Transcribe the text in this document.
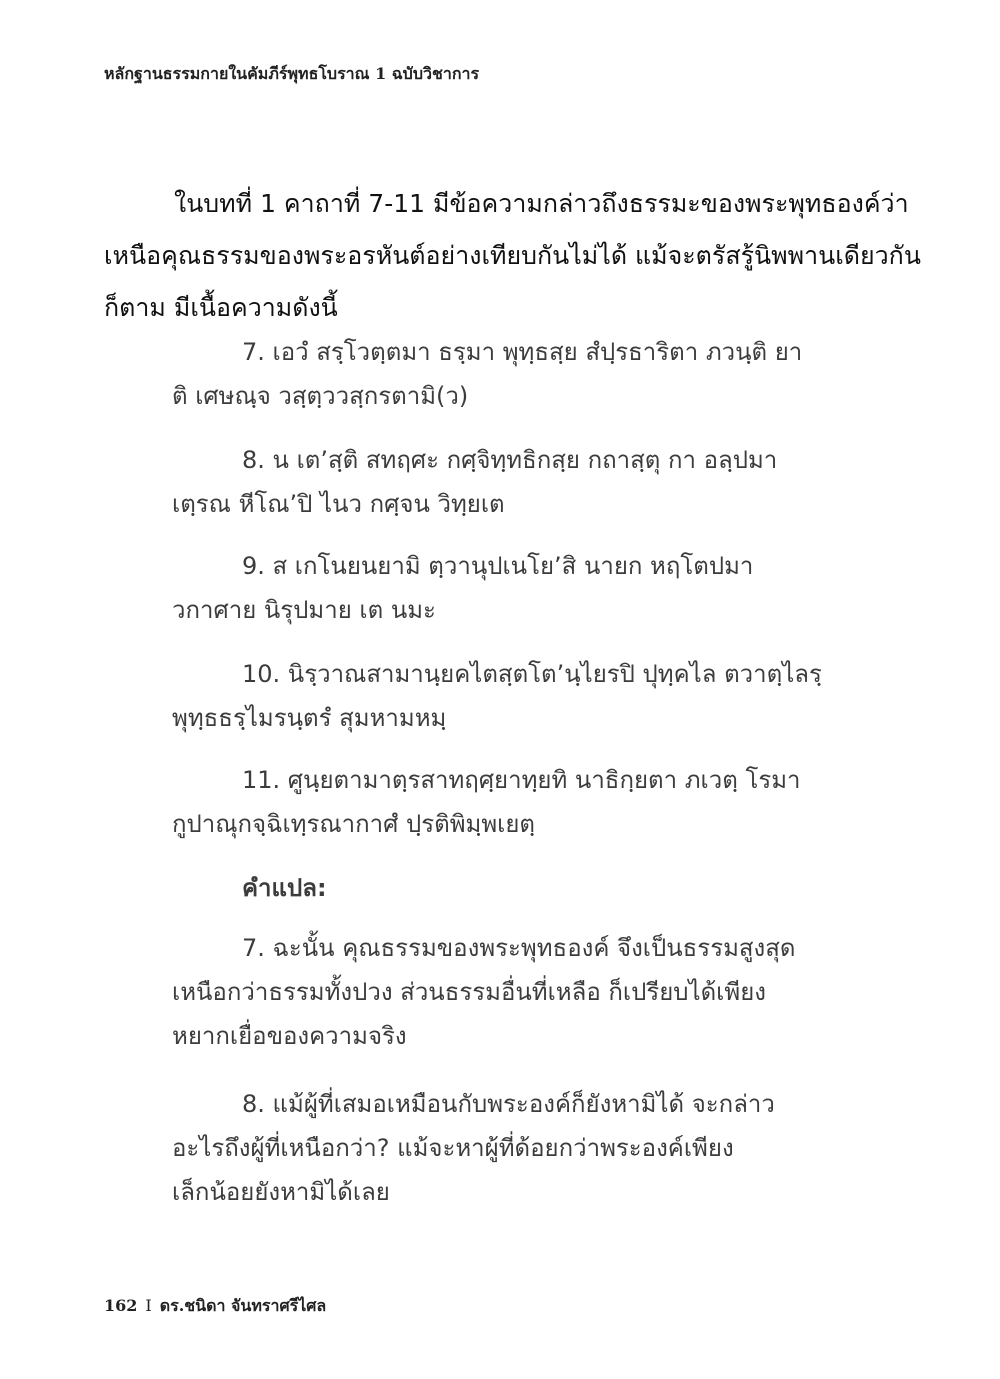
หลักฐานธรรมกายในคัมภีร์พุทธโบราณ 1 ฉบับวิชาการ
ในบทที่ 1 คาถาที่ 7-11 มีข้อความกล่าวถึงธรรมะของพระพุทธองค์ว่า
เหนือคุณธรรมของพระอรหันต์อย่างเทียบกันไม่ได้ แม้จะตรัสรู้นิพพานเดียวกัน
ก็ตาม มีเนื้อความดังนี้
7. เอวํ สรฺโวตฺตมา ธรฺมา พุทฺธสฺย สํปฺรธาริตา ภวนฺติ ยา
ติ เศษณฺจ วสฺตฺววสฺกรตามิ(ว)
8. น เต’สฺติ สทฤศะ กศฺจิทฺทธิกสฺย กถาสฺตุ กา อลฺปมา
เตฺรณ หีโณ’ปิ ไนว กศฺจน วิทฺยเต
9. ส เกโนยนยามิ ตฺวานุปเนโย’สิ นายก หฤโตปมา
วกาศาย นิรุปมาย เต นมะ
10. นิรฺวาณสามานฺยคไตสฺตโต’นฺไยรปิ ปุทฺคไล ตวาตฺไลรฺ
พุทฺธธรฺไมรนฺตรํ สุมหามหมฺ
11. ศูนฺยตามาตฺรสาทฤศฺยาทฺยทิ นาธิกฺยตา ภเวตฺ โรมา
กูปาณุกจฺฉิเทฺรณากาศํ ปฺรติพิมฺพเยตฺ
คำแปล:
7. ฉะนั้น คุณธรรมของพระพุทธองค์ จึงเป็นธรรมสูงสุด
เหนือกว่าธรรมทั้งปวง ส่วนธรรมอื่นที่เหลือ ก็เปรียบได้เพียง
หยากเยื่อของความจริง
8. แม้ผู้ที่เสมอเหมือนกับพระองค์ก็ยังหามิได้ จะกล่าว
อะไรถึงผู้ที่เหนือกว่า? แม้จะหาผู้ที่ด้อยกว่าพระองค์เพียง
เล็กน้อยยังหามิได้เลย
162 I ดร.ชนิดา จันทราศรีไศล
